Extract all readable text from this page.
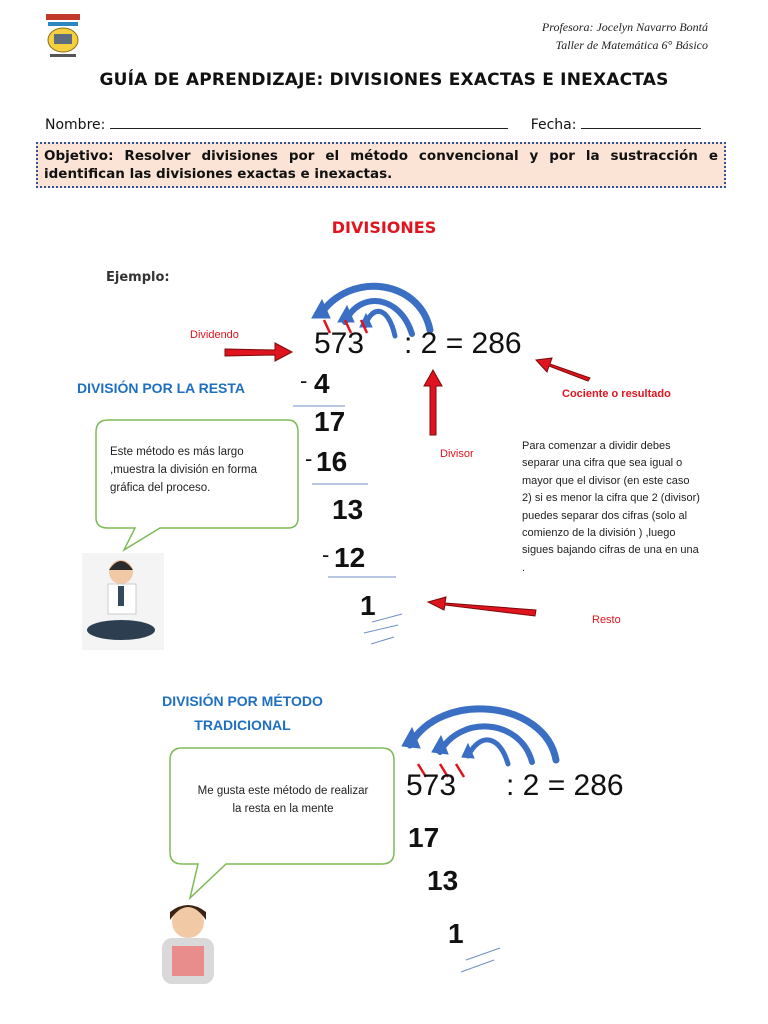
Profesora: Jocelyn Navarro Bontá
Taller de Matemática 6° Básico
GUÍA DE APRENDIZAJE: DIVISIONES EXACTAS E INEXACTAS
Nombre:	Fecha:
Objetivo: Resolver divisiones por el método convencional y por la sustracción e identifican las divisiones exactas e inexactas.
DIVISIONES
Ejemplo:
Dividendo	573 : 2 = 286
Cociente o resultado
DIVISIÓN POR LA RESTA - 4
17
- 16
13
- 12
1
Divisor
Resto
Este método es más largo ,muestra la división en forma gráfica del proceso.
Para comenzar a dividir debes separar una cifra que sea igual o mayor que el divisor (en este caso 2) si es menor la cifra que 2 (divisor) puedes separar dos cifras (solo al comienzo de la división ) ,luego sigues bajando cifras de una en una .
DIVISIÓN POR MÉTODO
TRADICIONAL
573 : 2 = 286
17
13
1
Me gusta este método de realizar la resta en la mente
